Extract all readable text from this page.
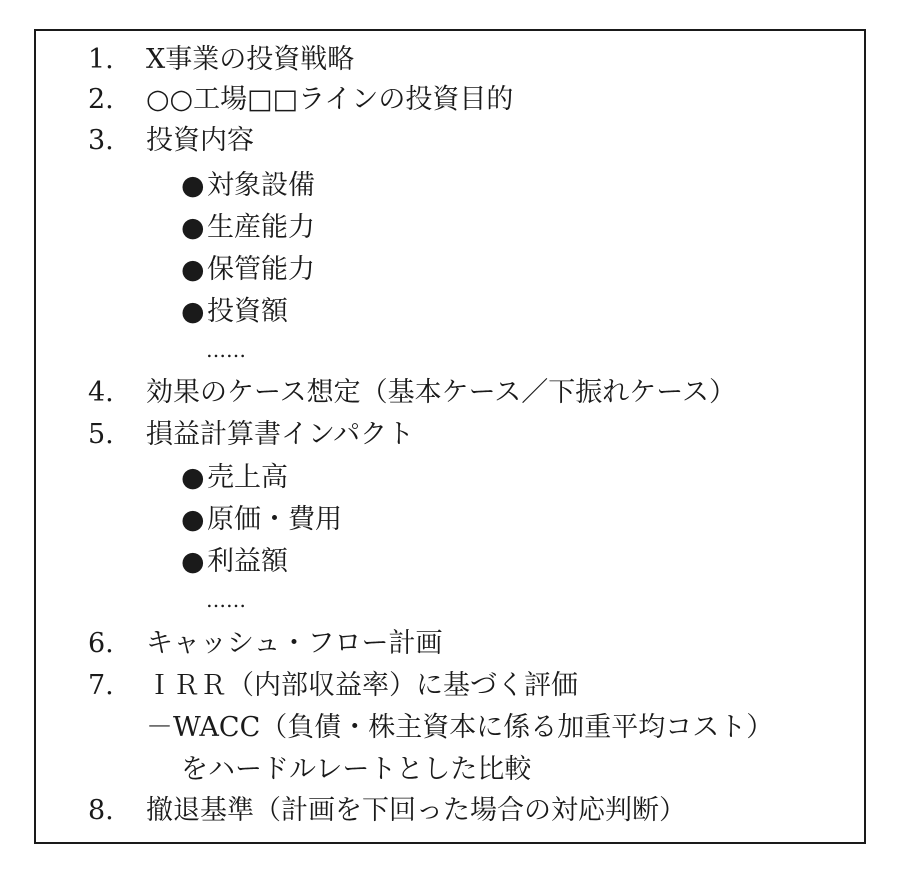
1. X事業の投資戦略
2. ○○工場□□ラインの投資目的
3. 投資内容
●対象設備
●生産能力
●保管能力
●投資額
……
4. 効果のケース想定（基本ケース／下振れケース）
5. 損益計算書インパクト
●売上高
●原価・費用
●利益額
……
6. キャッシュ・フロー計画
7. ＩＲＲ（内部収益率）に基づく評価
－WACC（負債・株主資本に係る加重平均コスト）
をハードルレートとした比較
8. 撤退基準（計画を下回った場合の対応判断）
